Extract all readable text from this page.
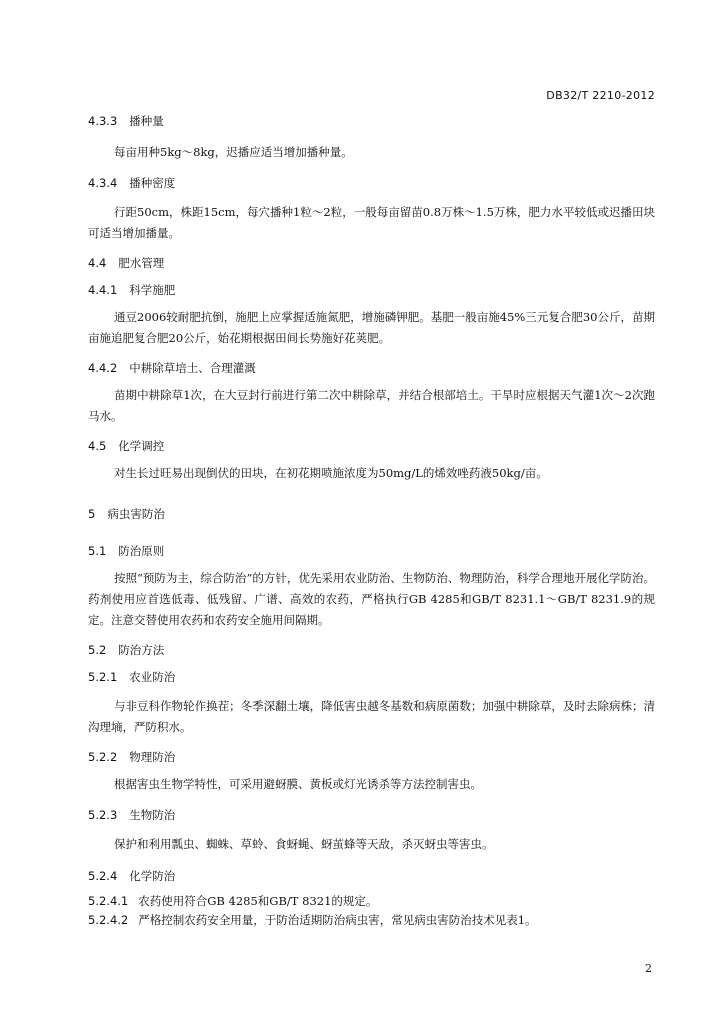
DB32/T 2210-2012
4.3.3 播种量

每亩用种5kg～8kg，迟播应适当增加播种量。

4.3.4 播种密度

行距50cm，株距15cm，每穴播种1粒～2粒，一般每亩留苗0.8万株～1.5万株，肥力水平较低或迟播田块可适当增加播量。

4.4 肥水管理
4.4.1 科学施肥

通豆2006较耐肥抗倒，施肥上应掌握适施氮肥，增施磷钾肥。基肥一般亩施45%三元复合肥30公斤，苗期亩施追肥复合肥20公斤，始花期根据田间长势施好花荚肥。

4.4.2 中耕除草培土、合理灌溉

苗期中耕除草1次，在大豆封行前进行第二次中耕除草，并结合根部培土。干旱时应根据天气灌1次～2次跑马水。

4.5 化学调控

对生长过旺易出现倒伏的田块，在初花期喷施浓度为50mg/L的烯效唑药液50kg/亩。

5 病虫害防治
5.1 防治原则

按照“预防为主，综合防治”的方针，优先采用农业防治、生物防治、物理防治，科学合理地开展化学防治。药剂使用应首选低毒、低残留、广谱、高效的农药，严格执行GB 4285和GB/T 8231.1～GB/T 8231.9的规定。注意交替使用农药和农药安全施用间隔期。

5.2 防治方法
5.2.1 农业防治

与非豆科作物轮作换茬；冬季深翻土壤，降低害虫越冬基数和病原菌数；加强中耕除草，及时去除病株；清沟理墒，严防积水。

5.2.2 物理防治

根据害虫生物学特性，可采用避蚜膜、黄板或灯光诱杀等方法控制害虫。

5.2.3 生物防治

保护和利用瓢虫、蜘蛛、草蛉、食蚜蝇、蚜茧蜂等天敌，杀灭蚜虫等害虫。

5.2.4 化学防治

5.2.4.1 农药使用符合GB 4285和GB/T 8321的规定。

5.2.4.2 严格控制农药安全用量，于防治适期防治病虫害，常见病虫害防治技术见表1。

2
